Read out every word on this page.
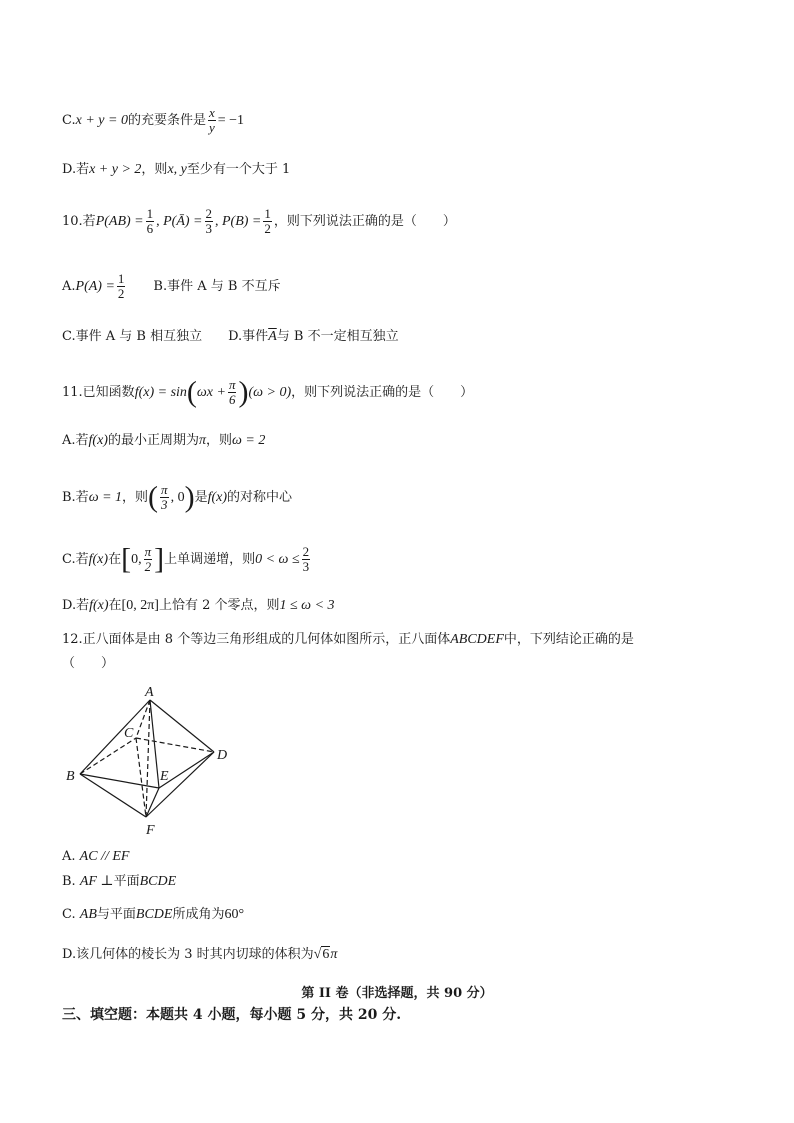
C.x + y = 0的充要条件是 $\frac{x}{y} = -1$
D.若x + y > 2，则x, y至少有一个大于 1
10.若$P(AB) = \frac{1}{6}$ , P(Ā) = $\frac{2}{3}$ , $P(B) = \frac{1}{2}$ ，则下列说法正确的是（　　）
$A.P(A) = \frac{1}{2} B$.事件 A 与 B 不互斥
C.事件 A 与 B 相互独立 D.事件$\overline{A}$与 B 不一定相互独立
11.已知函数$f(x) = \sin(\omega x + \frac{\pi}{6} )(\omega > 0)$，则下列说法正确的是（　　）
A.若f(x)的最小正周期为π，则ω = 2
B.若ω = 1，则( $\frac{\pi}{3}$ , 0)是f(x)的对称中心
C.若f(x)在[0, $\frac{\pi}{2}$ ]上单调递增，则$0 < \omega \le \frac{2}{3}$
D.若f(x)在[0, 2π]上恰有 2 个零点，则1 ≤ ω < 3
12.正八面体是由 8 个等边三角形组成的几何体如图所示，正八面体ABCDEF中，下列结论正确的是
（　　）
A
B
C
D
E
F
A. AC // EF
B. AF ⊥平面BCDE
C. AB与平面BCDE所成角为60°
D.该几何体的棱长为 3 时其内切球的体积为√6π
第 II 卷（非选择题，共 90 分）
三、填空题：本题共 4 小题，每小题 5 分，共 20 分.
